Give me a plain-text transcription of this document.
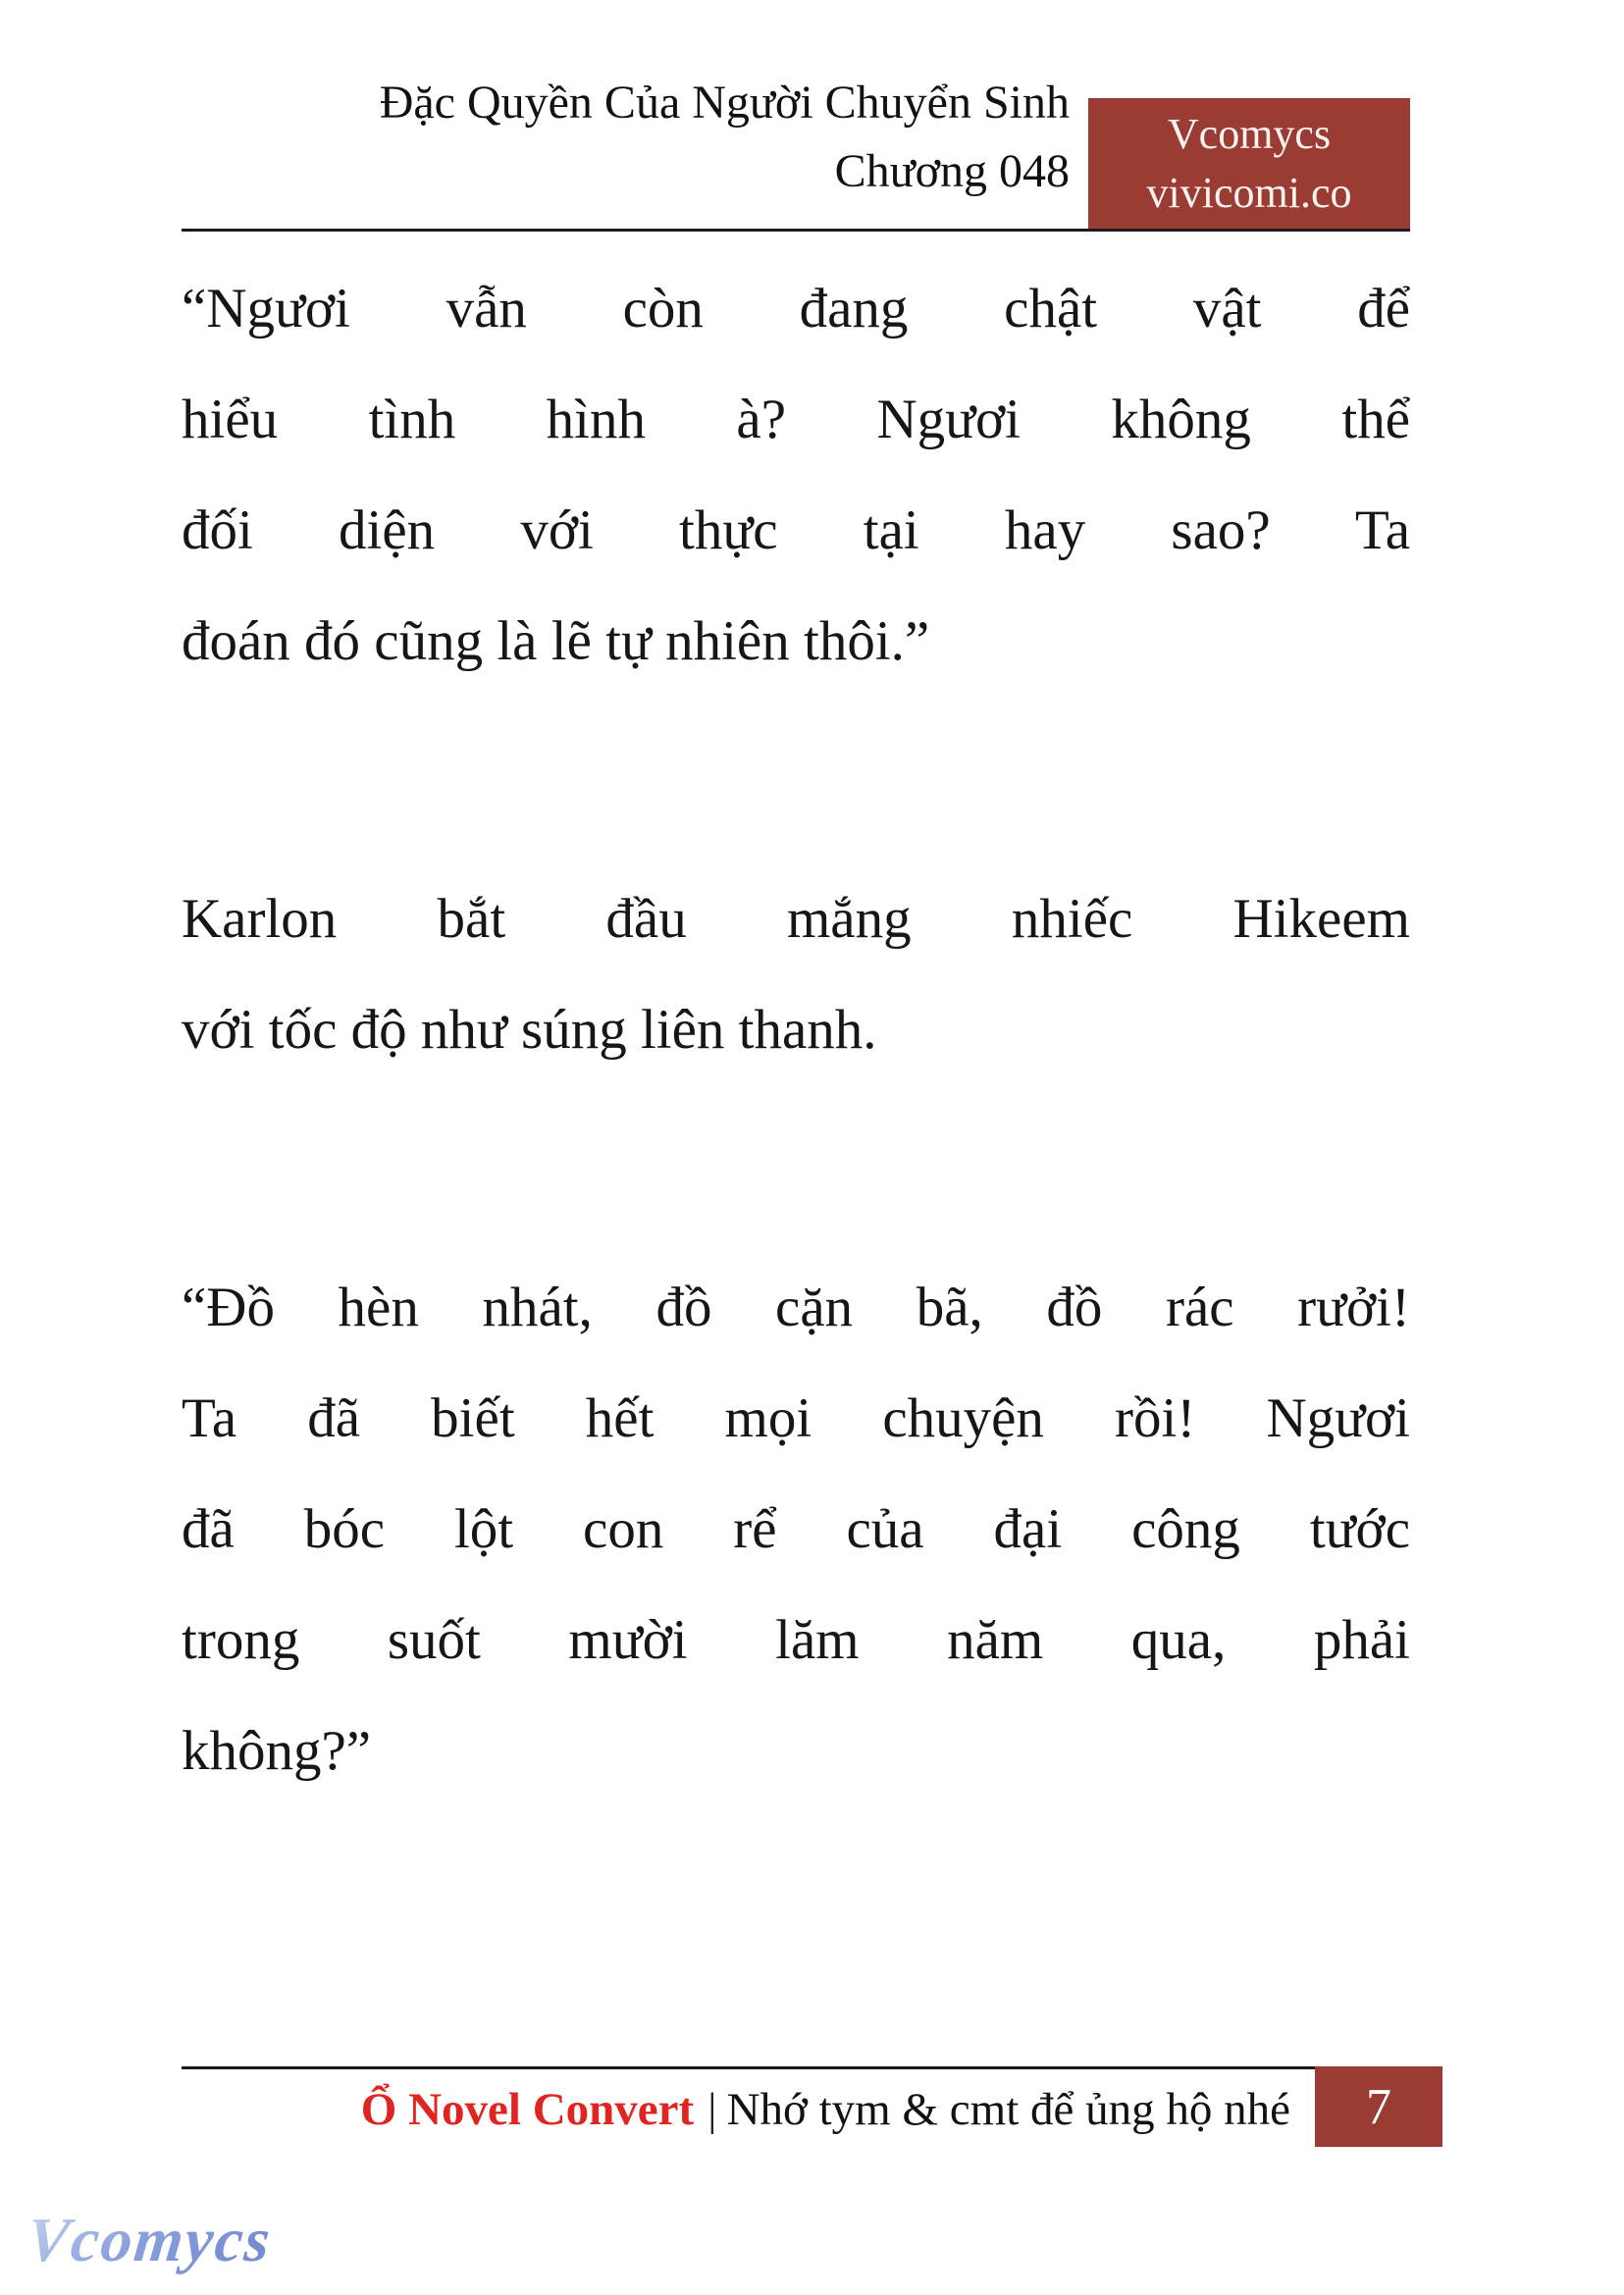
Đặc Quyền Của Người Chuyển Sinh
Chương 048
Vcomycs
vivicomi.co
“Ngươi vẫn còn đang chật vật để
hiểu tình hình à? Ngươi không thể
đối diện với thực tại hay sao? Ta
đoán đó cũng là lẽ tự nhiên thôi.”
Karlon bắt đầu mắng nhiếc Hikeem
với tốc độ như súng liên thanh.
“Đồ hèn nhát, đồ cặn bã, đồ rác rưởi!
Ta đã biết hết mọi chuyện rồi! Ngươi
đã bóc lột con rể của đại công tước
trong suốt mười lăm năm qua, phải
không?”
Ổ Novel Convert | Nhớ tym & cmt để ủng hộ nhé 7
Vcomycs
